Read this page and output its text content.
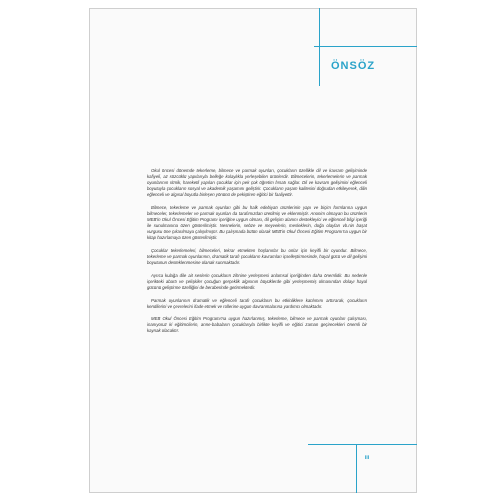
ÖNSÖZ

Okul öncesi dönemde tekerleme, bilmece ve parmak oyunları, çocukların özellikle dil ve kavram gelişiminde kafiyeli, az sözcüklü yapılarıyla belleğe kolaylıkla yerleşebilen ürünlerdir. Bilmecelerin, tekerlemelerin ve parmak oyunlarının ritmik, hareketli yapıları çocuklar için pek çok öğretim fırsatı sağlar. Dil ve kavram gelişimini eğlenceli boyutuyla çocukların sosyal ve akademik yaşamını geliştirir. Çocukların yaşam kalitesini doğrudan etkileyerek, dilin eğlenceli ve algısal boyutla birleşen yönünü de pekiştiren eğitici bir faaliyettir.

Bilmece, tekerleme ve parmak oyunları gibi bu halk edebiyatı ürünlerinin yapı ve biçim formlarına uygun bilmeceler, tekerlemeler ve parmak oyunları da tarafımızdan üretilmiş ve eklenmiştir. Anonim olmayan bu ürünlerin MEB'in Okul Öncesi Eğitim Programı içeriğine uygun olması, dil gelişim alanını destekleyici ve eğlenceli bilgi içeriği ile sunulmasına özen gösterilmiştir. Nesnelerin, sebze ve meyvelerin, mesleklerin, doğa olayları vb.nin başat vurgusu öne çıkarılmaya çalışılmıştır. Bu çalışmada bütün olarak MEB'in Okul Öncesi Eğitim Programı'na uygun bir kitap hazırlamaya özen gösterilmiştir.

Çocuklar tekerlemeleri, bilmeceleri, tekrar etmekten hoşlanırlar bu onlar için keyifli bir oyundur. Bilmece, tekerleme ve parmak oyunlarının, dramatik tarafı çocukların kavramları içselleştirmesinde, hayal gücü ve dil gelişimi boyutunun desteklenmesine olanak sunmaktadır.

Ayrıca kulağa dile ait seslerin çocukların zihnine yerleşmesi anlamsal içeriğinden daha önemlidir. Bu nedenle içerikteki abartı ve çelişkiler çocuğun gerçeklik algısının büyüklerde gibi yerleşmemiş olmasından dolayı hayal gücünü geliştirme özelliğini de beraberinde getirmektedir.

Parmak oyunlarının dramatik ve eğlenceli tarafı çocukların bu etkinliklere katılımını arttırarak, çocukların kendilerini ve çevrelerini ifade etmek ve rollerine uygun davranmalarına yardımcı olmaktadır.

MEB Okul Öncesi Eğitim Programı'na uygun hazırlanmış, tekerleme, bilmece ve parmak oyunları çalışması, inanıyoruz ki eğitimcilerin, anne-babaların çocuklarıyla birlikte keyifli ve eğitici zaman geçirecekleri önemli bir kaynak olacaktır.

iii
